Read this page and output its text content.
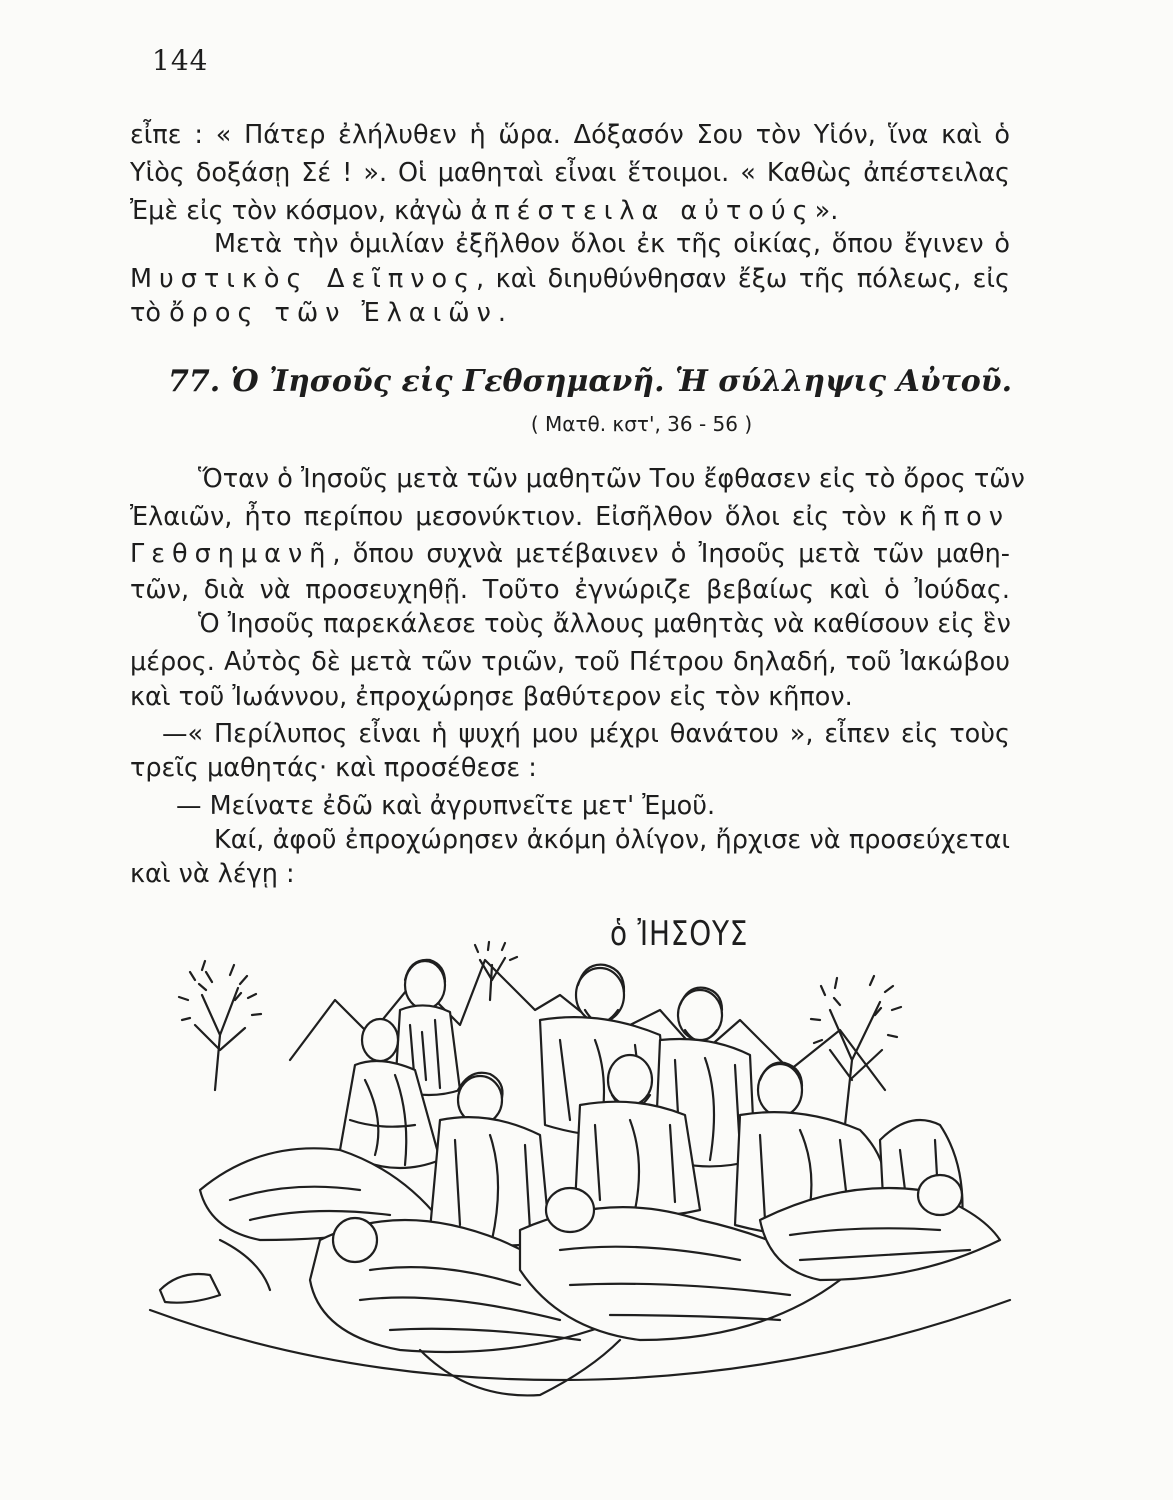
144
εἶπε : « Πάτερ ἐλήλυθεν ἡ ὥρα. Δόξασόν Σου τὸν Υἱόν, ἵνα καὶ ὁ
Υἱὸς δοξάσῃ Σέ ! ». Οἱ μαθηταὶ εἶναι ἕτοιμοι. « Καθὼς ἀπέστειλας
Ἐμὲ εἰς τὸν κόσμον, κἀγὼ ἀπέστειλα αὐτούς».
Μετὰ τὴν ὁμιλίαν ἐξῆλθον ὅλοι ἐκ τῆς οἰκίας, ὅπου ἔγινεν ὁ
Μυστικὸς Δεῖπνος, καὶ διηυθύνθησαν ἔξω τῆς πόλεως, εἰς
τὸ ὄρος τῶν Ἐλαιῶν.
77. Ὁ Ἰησοῦς εἰς Γεθσημανῆ. Ἡ σύλληψις Αὐτοῦ.
( Ματθ. κστ', 36 - 56 )
Ὅταν ὁ Ἰησοῦς μετὰ τῶν μαθητῶν Του ἔφθασεν εἰς τὸ ὄρος τῶν
Ἐλαιῶν, ἦτο περίπου μεσονύκτιον. Εἰσῆλθον ὅλοι εἰς τὸν κῆπον
Γεθσημανῆ, ὅπου συχνὰ μετέβαινεν ὁ Ἰησοῦς μετὰ τῶν μαθη-
τῶν, διὰ νὰ προσευχηθῇ. Τοῦτο ἐγνώριζε βεβαίως καὶ ὁ Ἰούδας.
Ὁ Ἰησοῦς παρεκάλεσε τοὺς ἄλλους μαθητὰς νὰ καθίσουν εἰς ἓν
μέρος. Αὐτὸς δὲ μετὰ τῶν τριῶν, τοῦ Πέτρου δηλαδή, τοῦ Ἰακώβου
καὶ τοῦ Ἰωάννου, ἐπροχώρησε βαθύτερον εἰς τὸν κῆπον.
—« Περίλυπος εἶναι ἡ ψυχή μου μέχρι θανάτου », εἶπεν εἰς τοὺς
τρεῖς μαθητάς· καὶ προσέθεσε :
— Μείνατε ἐδῶ καὶ ἀγρυπνεῖτε μετ' Ἐμοῦ.
Καί, ἀφοῦ ἐπροχώρησεν ἀκόμη ὀλίγον, ἤρχισε νὰ προσεύχεται
καὶ νὰ λέγῃ :
ὁ ἸΗΣΟΥΣ
